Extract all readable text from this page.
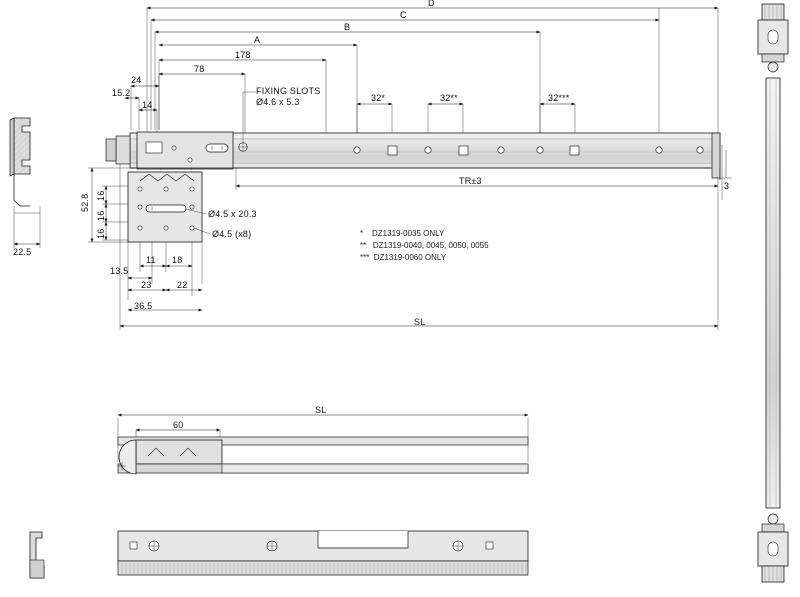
D
C
B
A
178
78
24
15.2
14
32*	32**	32***
FIXING SLOTS
Ø4.6 x 5.3
Ø4.5 x 20.3
Ø4.5 (x8)
52.8 16
16
16
13.5
11 18
23	22
36.5
22.5
3
TR±3
SL
SL
60
*    DZ1319-0035 ONLY
**   DZ1319-0040, 0045, 0050, 0055
***  DZ1319-0060 ONLY
